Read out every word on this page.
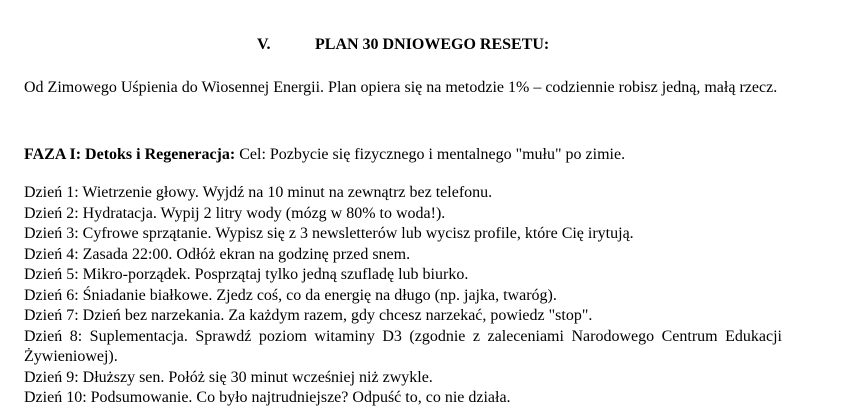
V.	PLAN 30 DNIOWEGO RESETU:
Od Zimowego Uśpienia do Wiosennej Energii. Plan opiera się na metodzie 1% – codziennie robisz jedną, małą rzecz.
FAZA I: Detoks i Regeneracja: Cel: Pozbycie się fizycznego i mentalnego "mułu" po zimie.
Dzień 1: Wietrzenie głowy. Wyjdź na 10 minut na zewnątrz bez telefonu.
Dzień 2: Hydratacja. Wypij 2 litry wody (mózg w 80% to woda!).
Dzień 3: Cyfrowe sprzątanie. Wypisz się z 3 newsletterów lub wycisz profile, które Cię irytują.
Dzień 4: Zasada 22:00. Odłóż ekran na godzinę przed snem.
Dzień 5: Mikro-porządek. Posprzątaj tylko jedną szufladę lub biurko.
Dzień 6: Śniadanie białkowe. Zjedz coś, co da energię na długo (np. jajka, twaróg).
Dzień 7: Dzień bez narzekania. Za każdym razem, gdy chcesz narzekać, powiedz "stop".
Dzień 8: Suplementacja. Sprawdź poziom witaminy D3 (zgodnie z zaleceniami Narodowego Centrum Edukacji Żywieniowej).
Dzień 9: Dłuższy sen. Połóż się 30 minut wcześniej niż zwykle.
Dzień 10: Podsumowanie. Co było najtrudniejsze? Odpuść to, co nie działa.
